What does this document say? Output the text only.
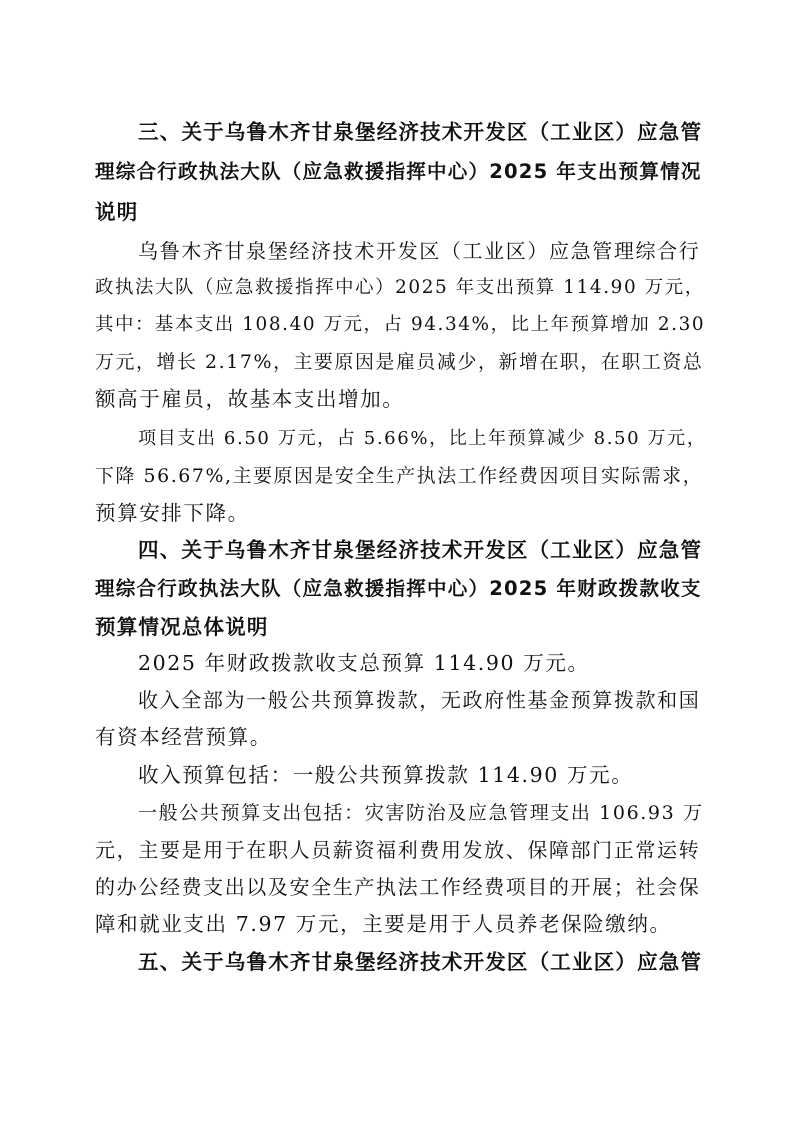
三、关于乌鲁木齐甘泉堡经济技术开发区（工业区）应急管
理综合行政执法大队（应急救援指挥中心）2025 年支出预算情况
说明
乌鲁木齐甘泉堡经济技术开发区（工业区）应急管理综合行
政执法大队（应急救援指挥中心）2025 年支出预算 114.90 万元，
其中：基本支出 108.40 万元，占 94.34%，比上年预算增加 2.30
万元，增长 2.17%，主要原因是雇员减少，新增在职，在职工资总
额高于雇员，故基本支出增加。
项目支出 6.50 万元，占 5.66%，比上年预算减少 8.50 万元，
下降 56.67%,主要原因是安全生产执法工作经费因项目实际需求，
预算安排下降。
四、关于乌鲁木齐甘泉堡经济技术开发区（工业区）应急管
理综合行政执法大队（应急救援指挥中心）2025 年财政拨款收支
预算情况总体说明
2025 年财政拨款收支总预算 114.90 万元。
收入全部为一般公共预算拨款，无政府性基金预算拨款和国
有资本经营预算。
收入预算包括：一般公共预算拨款 114.90 万元。
一般公共预算支出包括：灾害防治及应急管理支出 106.93 万
元，主要是用于在职人员薪资福利费用发放、保障部门正常运转
的办公经费支出以及安全生产执法工作经费项目的开展；社会保
障和就业支出 7.97 万元，主要是用于人员养老保险缴纳。
五、关于乌鲁木齐甘泉堡经济技术开发区（工业区）应急管
